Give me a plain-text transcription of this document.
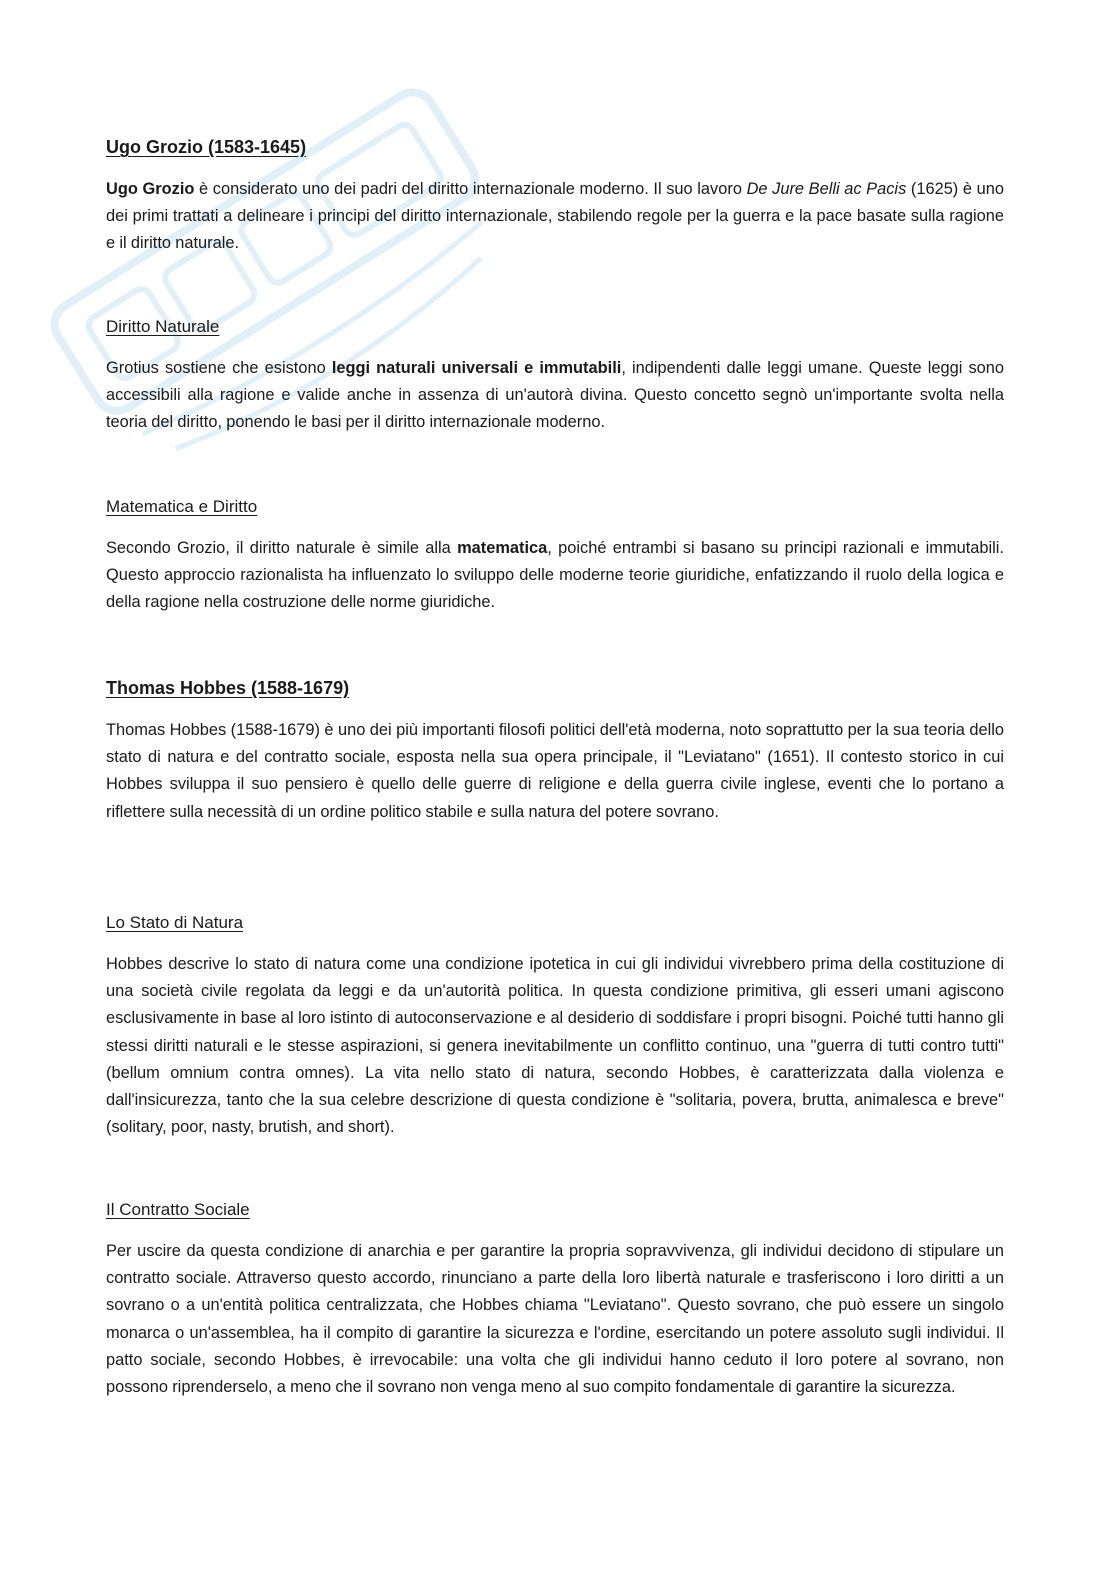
Ugo Grozio (1583-1645)

Ugo Grozio è considerato uno dei padri del diritto internazionale moderno. Il suo lavoro De Jure Belli ac Pacis (1625) è uno dei primi trattati a delineare i principi del diritto internazionale, stabilendo regole per la guerra e la pace basate sulla ragione e il diritto naturale.

Diritto Naturale

Grotius sostiene che esistono leggi naturali universali e immutabili, indipendenti dalle leggi umane. Queste leggi sono accessibili alla ragione e valide anche in assenza di un'autorà divina. Questo concetto segnò un'importante svolta nella teoria del diritto, ponendo le basi per il diritto internazionale moderno.

Matematica e Diritto

Secondo Grozio, il diritto naturale è simile alla matematica, poiché entrambi si basano su principi razionali e immutabili. Questo approccio razionalista ha influenzato lo sviluppo delle moderne teorie giuridiche, enfatizzando il ruolo della logica e della ragione nella costruzione delle norme giuridiche.

Thomas Hobbes (1588-1679)

Thomas Hobbes (1588-1679) è uno dei più importanti filosofi politici dell'età moderna, noto soprattutto per la sua teoria dello stato di natura e del contratto sociale, esposta nella sua opera principale, il "Leviatano" (1651). Il contesto storico in cui Hobbes sviluppa il suo pensiero è quello delle guerre di religione e della guerra civile inglese, eventi che lo portano a riflettere sulla necessità di un ordine politico stabile e sulla natura del potere sovrano.

Lo Stato di Natura

Hobbes descrive lo stato di natura come una condizione ipotetica in cui gli individui vivrebbero prima della costituzione di una società civile regolata da leggi e da un'autorità politica. In questa condizione primitiva, gli esseri umani agiscono esclusivamente in base al loro istinto di autoconservazione e al desiderio di soddisfare i propri bisogni. Poiché tutti hanno gli stessi diritti naturali e le stesse aspirazioni, si genera inevitabilmente un conflitto continuo, una "guerra di tutti contro tutti" (bellum omnium contra omnes). La vita nello stato di natura, secondo Hobbes, è caratterizzata dalla violenza e dall'insicurezza, tanto che la sua celebre descrizione di questa condizione è "solitaria, povera, brutta, animalesca e breve" (solitary, poor, nasty, brutish, and short).

Il Contratto Sociale

Per uscire da questa condizione di anarchia e per garantire la propria sopravvivenza, gli individui decidono di stipulare un contratto sociale. Attraverso questo accordo, rinunciano a parte della loro libertà naturale e trasferiscono i loro diritti a un sovrano o a un'entità politica centralizzata, che Hobbes chiama "Leviatano". Questo sovrano, che può essere un singolo monarca o un'assemblea, ha il compito di garantire la sicurezza e l'ordine, esercitando un potere assoluto sugli individui. Il patto sociale, secondo Hobbes, è irrevocabile: una volta che gli individui hanno ceduto il loro potere al sovrano, non possono riprenderselo, a meno che il sovrano non venga meno al suo compito fondamentale di garantire la sicurezza.
